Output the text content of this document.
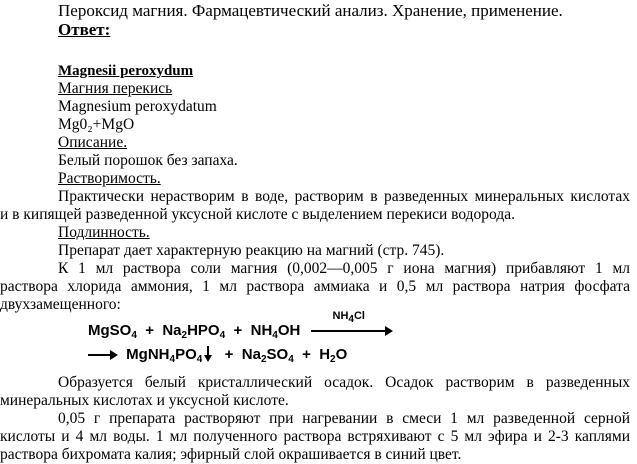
Пероксид магния. Фармацевтический анализ. Хранение, применение.
Ответ:
Magnesii peroxydum
Магния перекись
Magnesium peroxydatum
Mg0₂+MgO
Описание.
Белый порошок без запаха.
Растворимость.
Практически нерастворим в воде, растворим в разведенных минеральных кислотах
и в кипящей разведенной уксусной кислоте с выделением перекиси водорода.
Подлинность.
Препарат дает характерную реакцию на магний (стр. 745).
К 1 мл раствора соли магния (0,002—0,005 г иона магния) прибавляют 1 мл
раствора хлорида аммония, 1 мл раствора аммиака и 0,5 мл раствора натрия фосфата
двухзамещенного:
MgSO$_4$  +  $Na_2HPO_4 + NH_4OH$
$NH_4Cl$
$MgNH_4PO_4 + Na_2SO_4 + H_2O$
Образуется белый кристаллический осадок. Осадок растворим в разведенных
минеральных кислотах и уксусной кислоте.
0,05 г препарата растворяют при нагревании в смеси 1 мл разведенной серной
кислоты и 4 мл воды. 1 мл полученного раствора встряхивают с 5 мл эфира и 2-3 каплями
раствора бихромата калия; эфирный слой окрашивается в синий цвет.
